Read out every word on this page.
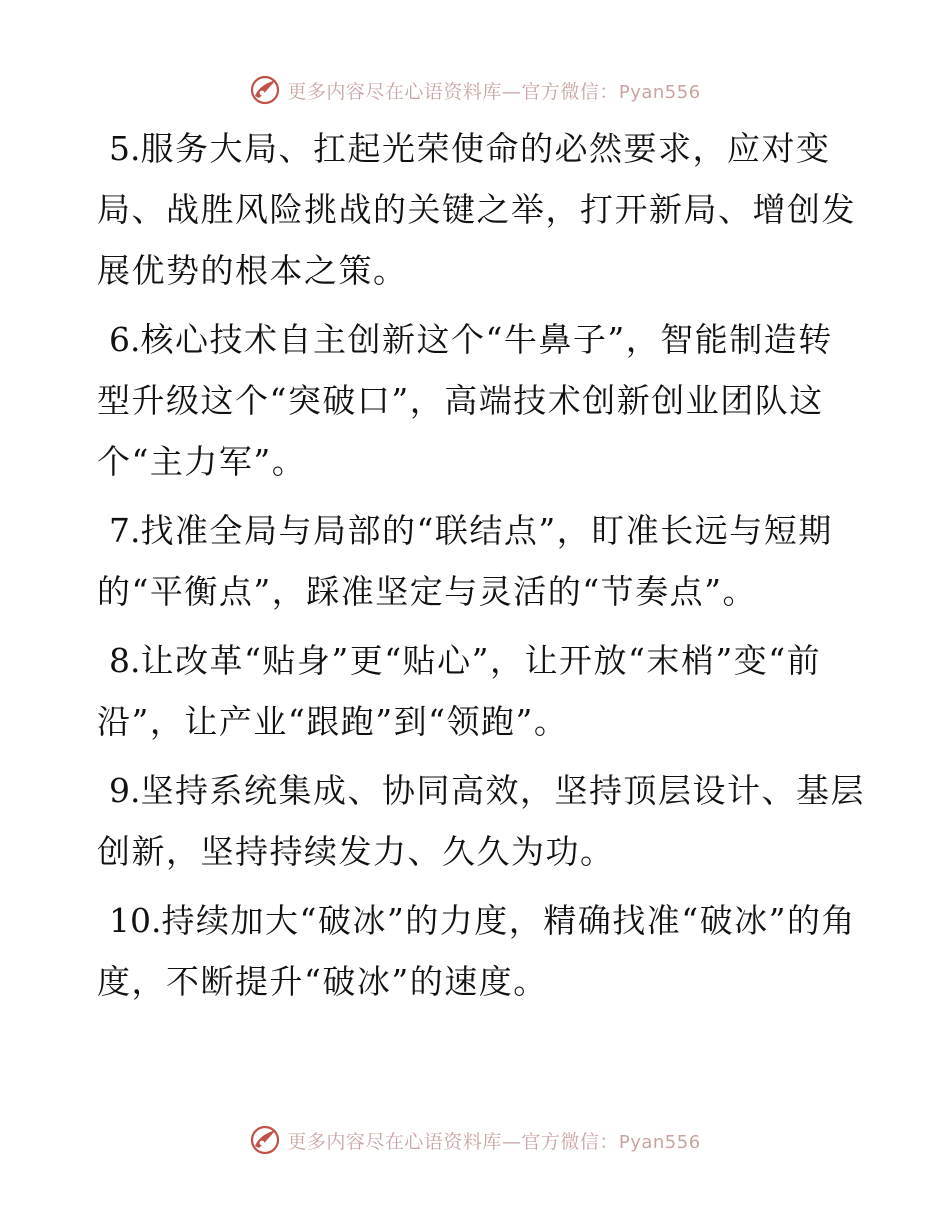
更多内容尽在心语资料库—官方微信：Pyan556

5.服务大局、扛起光荣使命的必然要求，应对变局、战胜风险挑战的关键之举，打开新局、增创发展优势的根本之策。

6.核心技术自主创新这个“牛鼻子”，智能制造转型升级这个“突破口”，高端技术创新创业团队这个“主力军”。

7.找准全局与局部的“联结点”，盯准长远与短期的“平衡点”，踩准坚定与灵活的“节奏点”。

8.让改革“贴身”更“贴心”，让开放“末梢”变“前沿”，让产业“跟跑”到“领跑”。

9.坚持系统集成、协同高效，坚持顶层设计、基层创新，坚持持续发力、久久为功。

10.持续加大“破冰”的力度，精确找准“破冰”的角度，不断提升“破冰”的速度。

更多内容尽在心语资料库—官方微信：Pyan556
